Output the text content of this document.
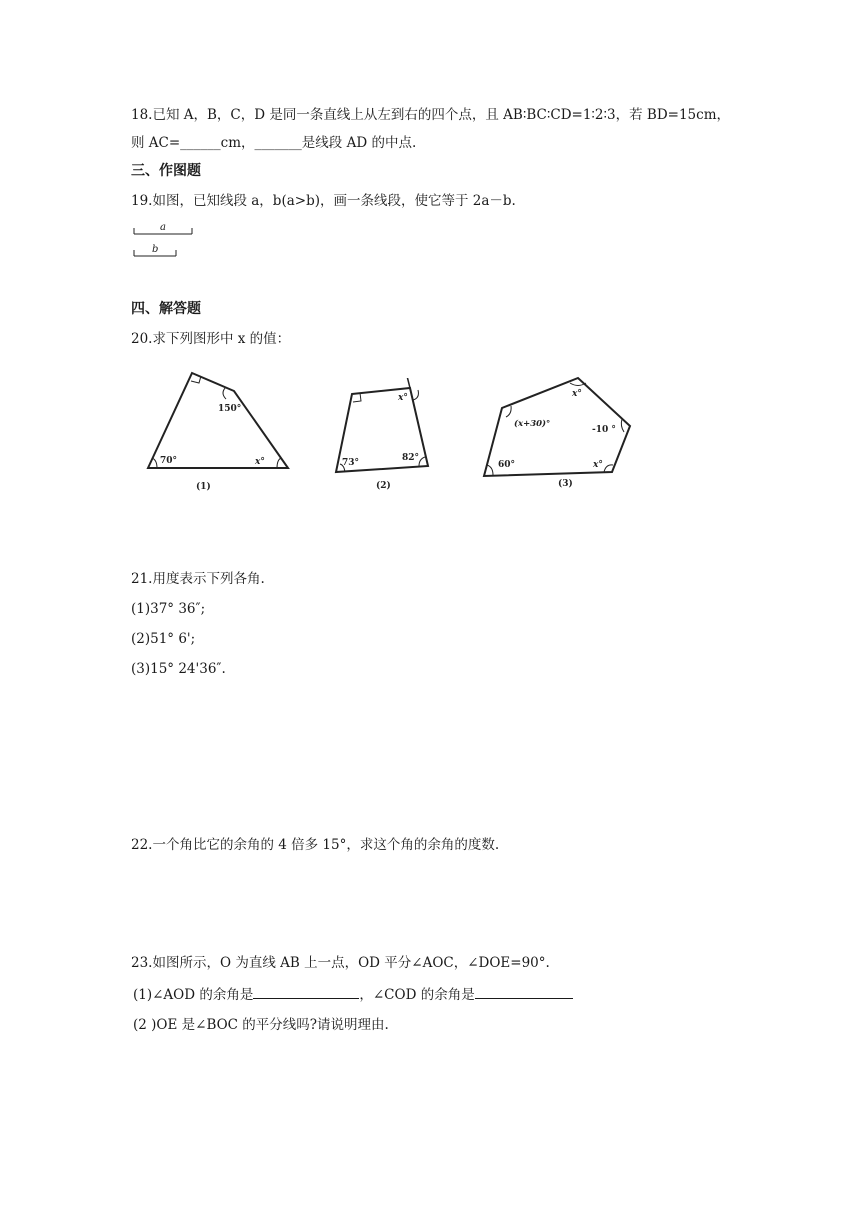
18.已知 A，B，C，D 是同一条直线上从左到右的四个点，且 AB∶BC∶CD=1∶2∶3，若 BD=15cm，
则 AC=______cm，_______是线段 AD 的中点.
三、作图题
19.如图，已知线段 a，b(a>b)，画一条线段，使它等于 2a－b.
a
b
四、解答题
20.求下列图形中 x 的值：
150°
70°	x°
(1)
x°
73°	82°
(2)
x°
(x+30)°
-10 °
60°	x°
(3)
21.用度表示下列各角.
(1)37° 36″;
(2)51° 6';
(3)15° 24'36″.
22.一个角比它的余角的 4 倍多 15°，求这个角的余角的度数.
23.如图所示，O 为直线 AB 上一点，OD 平分∠AOC，∠DOE=90°.
(1)∠AOD 的余角是	，∠COD 的余角是
(2 )OE 是∠BOC 的平分线吗?请说明理由.
